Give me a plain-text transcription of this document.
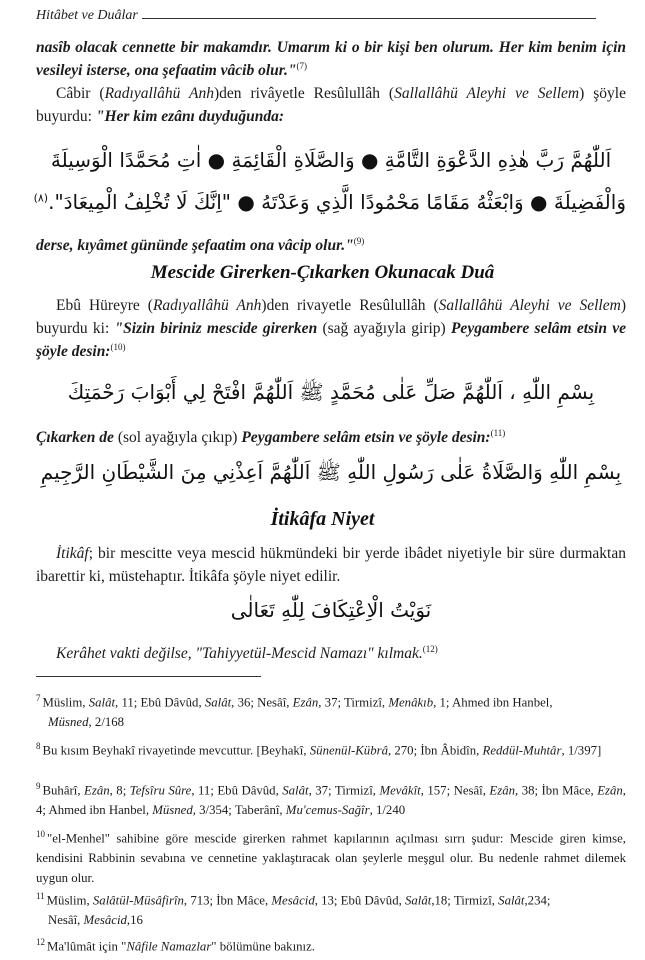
Hitâbet ve Duâlar

nasîb olacak cennette bir makamdır. Umarım ki o bir kişi ben olurum. Her kim benim için vesileyi isterse, ona şefaatim vâcib olur."$^{(7)}$

Câbir (Radıyallâhü Anh)den rivâyetle Resûlullâh (Sallallâhü Aleyhi ve Sellem) şöyle buyurdu: "Her kim ezânı duyduğunda:

اَللّٰهُمَّ رَبَّ هٰذِهِ الدَّعْوَةِ التَّامَّةِ ● وَالصَّلَاةِ الْقَائِمَةِ ● اٰتِ مُحَمَّدًا الْوَسِيلَةَ
وَالْفَضِيلَةَ ● وَابْعَثْهُ مَقَامًا مَحْمُودًا الَّذِي وَعَدْتَهُ ● "اِنَّكَ لَا تُخْلِفُ الْمِيعَادَ".$^{(٨)}$

derse, kıyâmet gününde şefaatim ona vâcip olur."$^{(9)}$

Mescide Girerken-Çıkarken Okunacak Duâ

Ebû Hüreyre (Radıyallâhü Anh)den rivayetle Resûlullâh (Sallallâhü Aleyhi ve Sellem) buyurdu ki: "Sizin biriniz mescide girerken (sağ ayağıyla girip) Peygambere selâm etsin ve şöyle desin:$^{(10)}$

بِسْمِ اللّٰهِ ، اَللّٰهُمَّ صَلِّ عَلٰى مُحَمَّدٍ ﷺ اَللّٰهُمَّ افْتَحْ لِي أَبْوَابَ رَحْمَتِكَ

Çıkarken de (sol ayağıyla çıkıp) Peygambere selâm etsin ve şöyle desin:$^{(11)}$

بِسْمِ اللّٰهِ وَالصَّلَاةُ عَلٰى رَسُولِ اللّٰهِ ﷺ اَللّٰهُمَّ اَعِذْنِي مِنَ الشَّيْطَانِ الرَّجِيمِ
İtikâfa Niyet

İtikâf; bir mescitte veya mescid hükmündeki bir yerde ibâdet niyetiyle bir süre durmaktan ibarettir ki, müstehaptır. İtikâfa şöyle niyet edilir.

نَوَيْتُ الْاِعْتِكَافَ لِلّٰهِ تَعَالٰى

Kerâhet vakti değilse, "Tahiyyetül-Mescid Namazı" kılmak.$^{(12)}$

$^7$ Müslim, Salât, 11; Ebû Dâvûd, Salât, 36; Nesâî, Ezân, 37; Tirmizî, Menâkıb, 1; Ahmed ibn Hanbel,
Müsned, 2/168

$^8$ Bu kısım Beyhakî rivayetinde mevcuttur. [Beyhakî, Sünenül-Kübrâ, 270; İbn Âbidîn, Reddül-Muhtâr, 1/397]

$^9$ Buhârî, Ezân, 8; Tefsîru Sûre, 11; Ebû Dâvûd, Salât, 37; Tirmizî, Mevâkît, 157; Nesâî, Ezân, 38; İbn Mâce, Ezân, 4; Ahmed ibn Hanbel, Müsned, 3/354; Taberânî, Mu'cemus-Sağîr, 1/240

$^{10}$ "el-Menhel" sahibine göre mescide girerken rahmet kapılarının açılması sırrı şudur: Mescide giren kimse, kendisini Rabbinin sevabına ve cennetine yaklaştıracak olan şeylerle meşgul olur. Bu nedenle rahmet dilemek uygun olur.

$^{11}$ Müslim, Salâtül-Müsâfirîn, 713; İbn Mâce, Mesâcid, 13; Ebû Dâvûd, Salât,18; Tirmizî, Salât,234;
Nesâî, Mesâcid,16

$^{12}$ Ma'lûmât için "Nâfile Namazlar" bölümüne bakınız.
